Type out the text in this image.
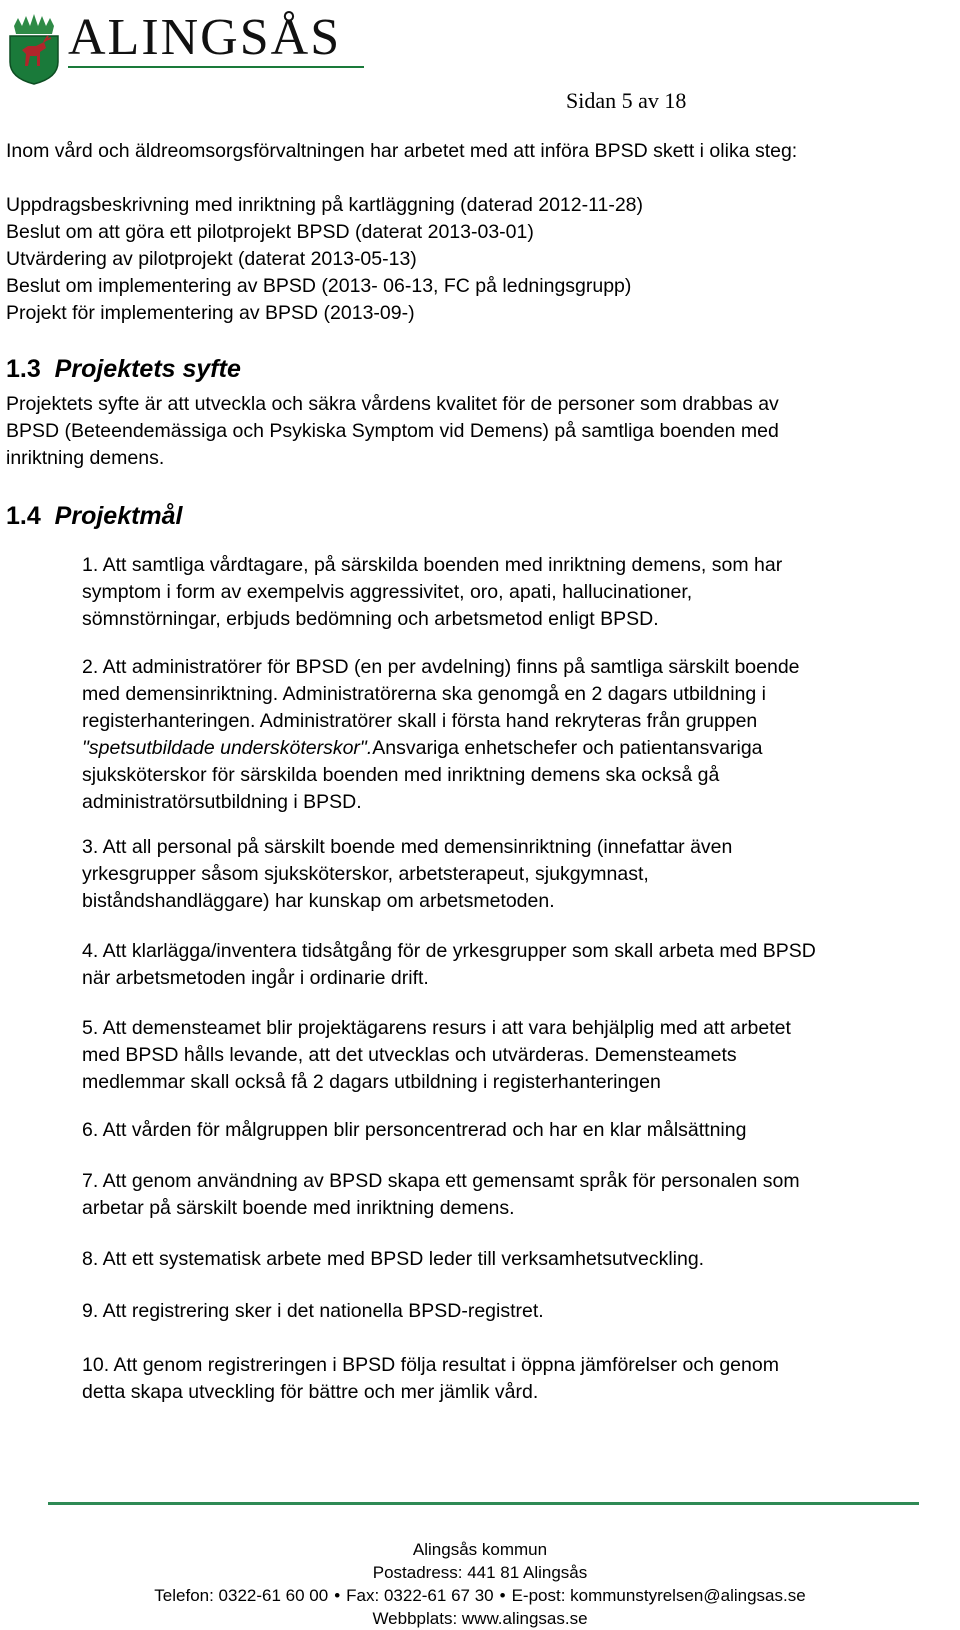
ALINGSÅS
Sidan 5 av 18
Inom vård och äldreomsorgsförvaltningen har arbetet med att införa BPSD skett i olika steg:
Uppdragsbeskrivning med inriktning på kartläggning (daterad 2012-11-28)
Beslut om att göra ett pilotprojekt BPSD (daterat 2013-03-01)
Utvärdering av pilotprojekt (daterat 2013-05-13)
Beslut om implementering av BPSD (2013- 06-13, FC på ledningsgrupp)
Projekt för implementering av BPSD (2013-09-)
1.3 Projektets syfte
Projektets syfte är att utveckla och säkra vårdens kvalitet för de personer som drabbas av
BPSD (Beteendemässiga och Psykiska Symptom vid Demens) på samtliga boenden med
inriktning demens.
1.4 Projektmål
1. Att samtliga vårdtagare, på särskilda boenden med inriktning demens, som har
symptom i form av exempelvis aggressivitet, oro, apati, hallucinationer,
sömnstörningar, erbjuds bedömning och arbetsmetod enligt BPSD.
2. Att administratörer för BPSD (en per avdelning) finns på samtliga särskilt boende
med demensinriktning. Administratörerna ska genomgå en 2 dagars utbildning i
registerhanteringen. Administratörer skall i första hand rekryteras från gruppen
"spetsutbildade undersköterskor".Ansvariga enhetschefer och patientansvariga
sjuksköterskor för särskilda boenden med inriktning demens ska också gå
administratörsutbildning i BPSD.
3. Att all personal på särskilt boende med demensinriktning (innefattar även
yrkesgrupper såsom sjuksköterskor, arbetsterapeut, sjukgymnast,
biståndshandläggare) har kunskap om arbetsmetoden.
4. Att klarlägga/inventera tidsåtgång för de yrkesgrupper som skall arbeta med BPSD
när arbetsmetoden ingår i ordinarie drift.
5. Att demensteamet blir projektägarens resurs i att vara behjälplig med att arbetet
med BPSD hålls levande, att det utvecklas och utvärderas. Demensteamets
medlemmar skall också få 2 dagars utbildning i registerhanteringen
6. Att vården för målgruppen blir personcentrerad och har en klar målsättning
7. Att genom användning av BPSD skapa ett gemensamt språk för personalen som
arbetar på särskilt boende med inriktning demens.
8. Att ett systematisk arbete med BPSD leder till verksamhetsutveckling.
9. Att registrering sker i det nationella BPSD-registret.
10. Att genom registreringen i BPSD följa resultat i öppna jämförelser och genom
detta skapa utveckling för bättre och mer jämlik vård.
Alingsås kommun
Postadress: 441 81 Alingsås
Telefon: 0322-61 60 00 • Fax: 0322-61 67 30 • E-post: kommunstyrelsen@alingsas.se
Webbplats: www.alingsas.se
